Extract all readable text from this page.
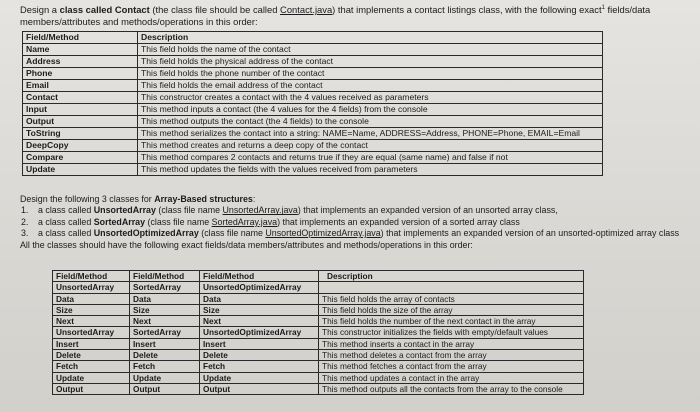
Design a class called Contact (the class file should be called Contact.java) that implements a contact listings class, with the following exact$^1$ fields/data
members/attributes and methods/operations in this order:
Field/Method	Description
Name	This field holds the name of the contact
Address	This field holds the physical address of the contact
Phone	This field holds the phone number of the contact
Email	This field holds the email address of the contact
Contact	This constructor creates a contact with the 4 values received as parameters
Input	This method inputs a contact (the 4 values for the 4 fields) from the console
Output	This method outputs the contact (the 4 fields) to the console
ToString	This method serializes the contact into a string: NAME=Name, ADDRESS=Address, PHONE=Phone, EMAIL=Email
DeepCopy	This method creates and returns a deep copy of the contact
Compare	This method compares 2 contacts and returns true if they are equal (same name) and false if not
Update	This method updates the fields with the values received from parameters
Design the following 3 classes for Array-Based structures:
1. a class called UnsortedArray (class file name UnsortedArray.java) that implements an expanded version of an unsorted array class,
2. a class called SortedArray (class file name SortedArray.java) that implements an expanded version of a sorted array class
3. a class called UnsortedOptimizedArray (class file name UnsortedOptimizedArray.java) that implements an expanded version of an unsorted-optimized array class
All the classes should have the following exact fields/data members/attributes and methods/operations in this order:
Field/Method	Field/Method	Field/Method	Description
UnsortedArray	SortedArray	UnsortedOptimizedArray	
Data	Data	Data	This field holds the array of contacts
Size	Size	Size	This field holds the size of the array
Next	Next	Next	This field holds the number of the next contact in the array
UnsortedArray	SortedArray	UnsortedOptimizedArray	This constructor initializes the fields with empty/default values
Insert	Insert	Insert	This method inserts a contact in the array
Delete	Delete	Delete	This method deletes a contact from the array
Fetch	Fetch	Fetch	This method fetches a contact from the array
Update	Update	Update	This method updates a contact in the array
Output	Output	Output	This method outputs all the contacts from the array to the console
